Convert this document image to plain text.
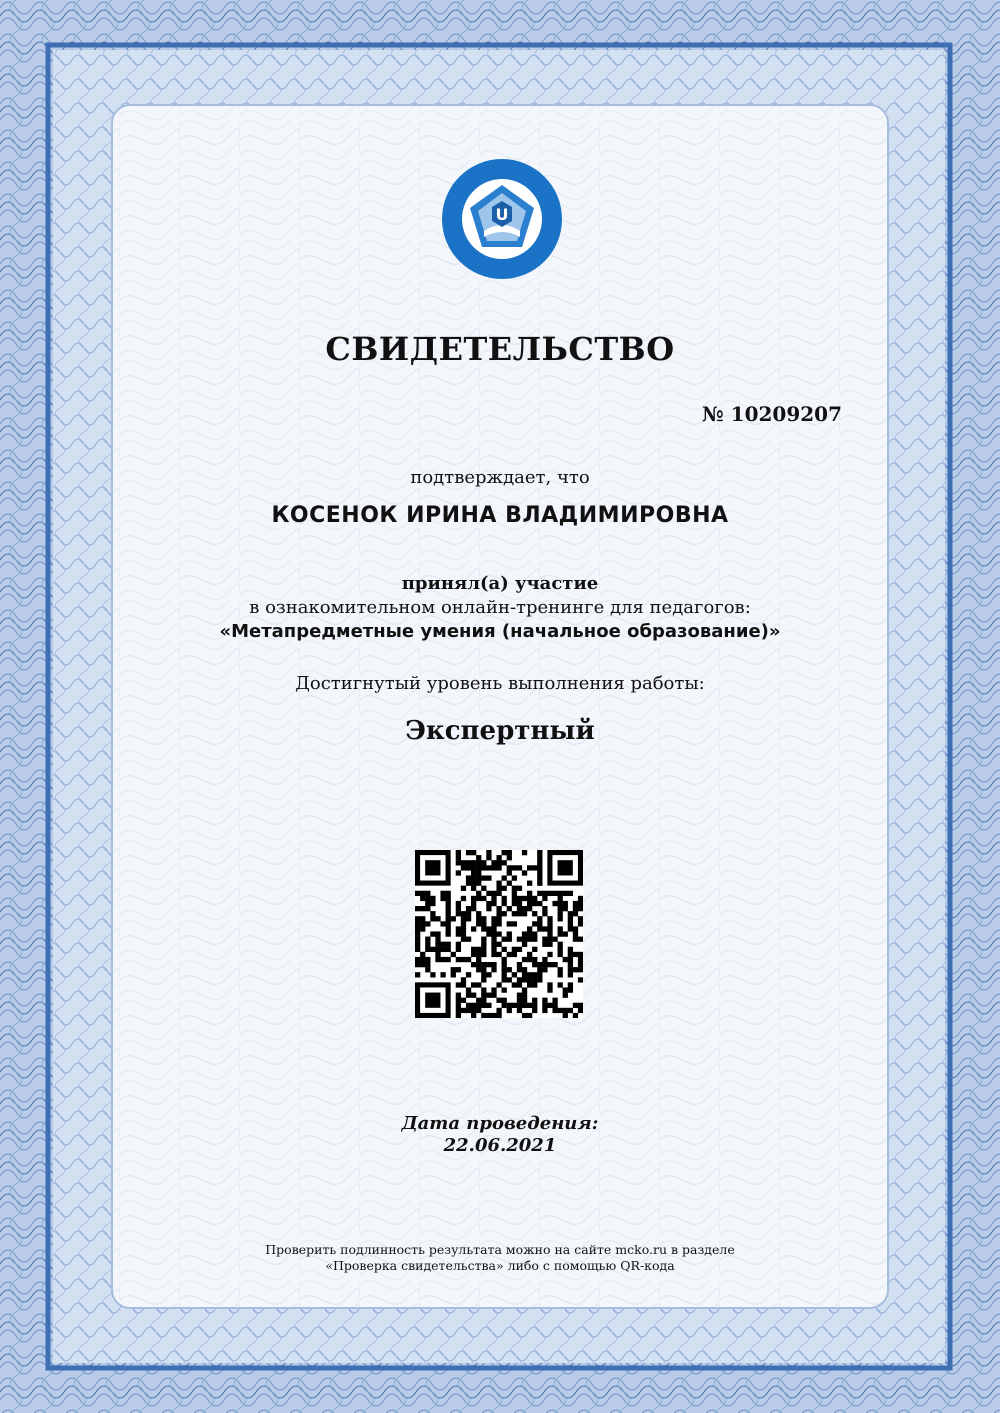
U
СВИДЕТЕЛЬСТВО
№ 10209207
подтверждает, что
КОСЕНОК ИРИНА ВЛАДИМИРОВНА
принял(а) участие
в ознакомительном онлайн-тренинге для педагогов:
«Метапредметные умения (начальное образование)»
Достигнутый уровень выполнения работы:
Экспертный
Дата проведения:
22.06.2021
Проверить подлинность результата можно на сайте mcko.ru в разделе
«Проверка свидетельства» либо с помощью QR-кода
